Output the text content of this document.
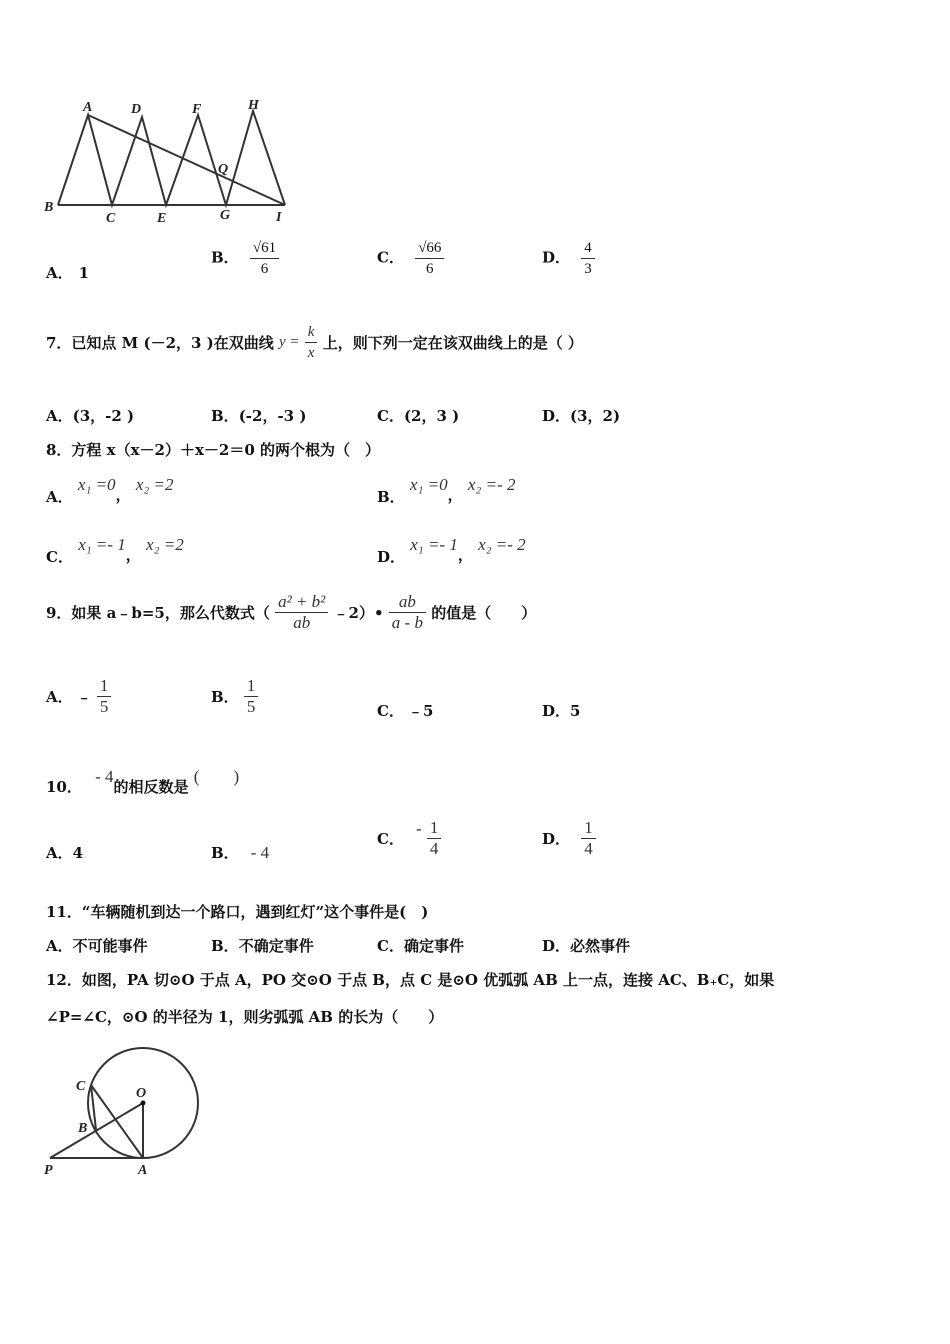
A	D	F	H
B
C	E	G	I
Q
A． 1
B． $\frac{√61}{6}$	C． $\frac{√66}{6}$	D． $\frac{4}{3}$
7．已知点 M (－2，3 )在双曲线 $y = \frac{k}{x}$ 上，则下列一定在该双曲线上的是（ ）
A．(3，-2 )	B．(-2，-3 )	C．(2，3 )	D．(3，2)
8．方程 x（x－2）＋x－2＝0 的两个根为（　）
A． x₁ =0， x₂ =2
B． x₁ =0， x₂ =- 2
C． x₁ =- 1， x₂ =2
D． x₁ =- 1， x₂ =- 2
9．如果 a﹣b=5，那么代数式（ $\frac{\text{a² + b²}}{ab}$ ﹣2）• $\frac{ab}{a - b}$ 的值是（　　）
A． ﹣ $\frac{1}{5}$	B． $\frac{1}{5}$	C． ﹣5	D．5
10． - 4的相反数是 (　　)
A．4	B． - 4
C．- $\frac{1}{4}$	D． $\frac{1}{4}$
11．“车辆随机到达一个路口，遇到红灯”这个事件是(　)
A．不可能事件	B．不确定事件	C．确定事件	D．必然事件
12．如图，PA 切⊙O 于点 A，PO 交⊙O 于点 B，点 C 是⊙O 优弧弧 AB 上一点，连接 AC、B₊C，如果
∠P=∠C，⊙O 的半径为 1，则劣弧弧 AB 的长为（　　）
C	O
B
P	A
